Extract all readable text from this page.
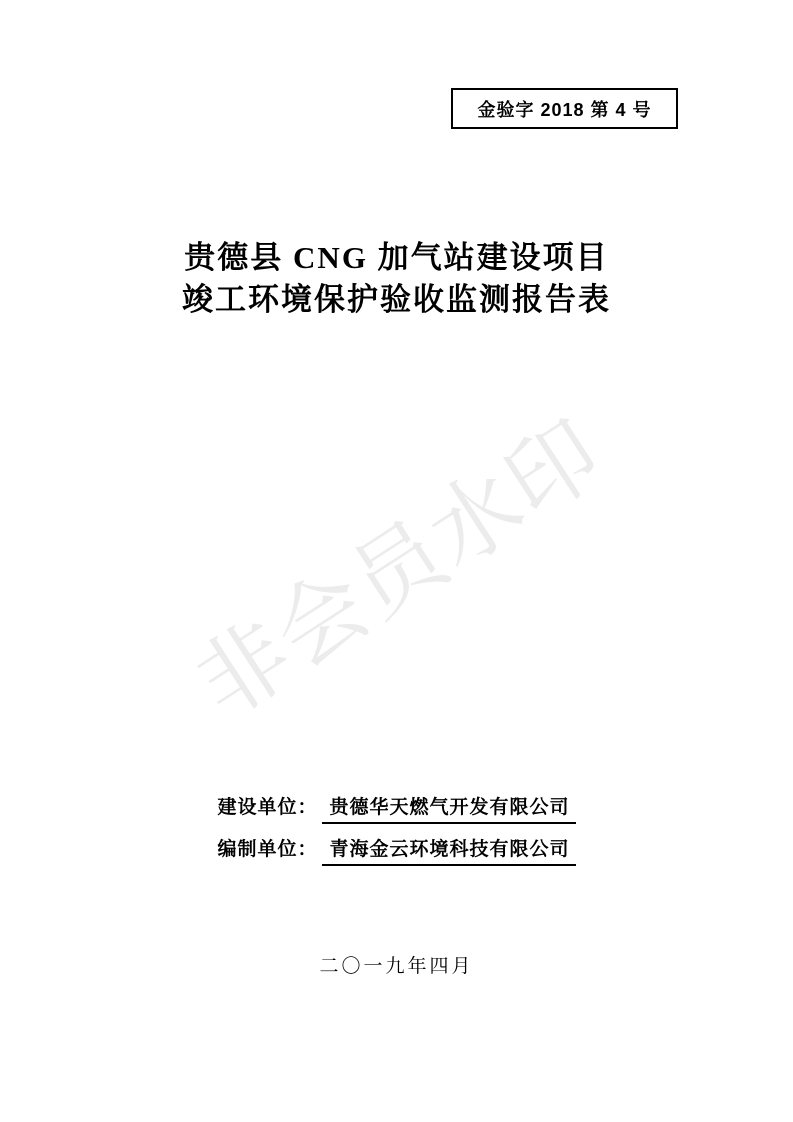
非会员水印
金验字 2018 第 4 号
贵德县 CNG 加气站建设项目
竣工环境保护验收监测报告表
建设单位： 贵德华天燃气开发有限公司
编制单位： 青海金云环境科技有限公司
二〇一九年四月
